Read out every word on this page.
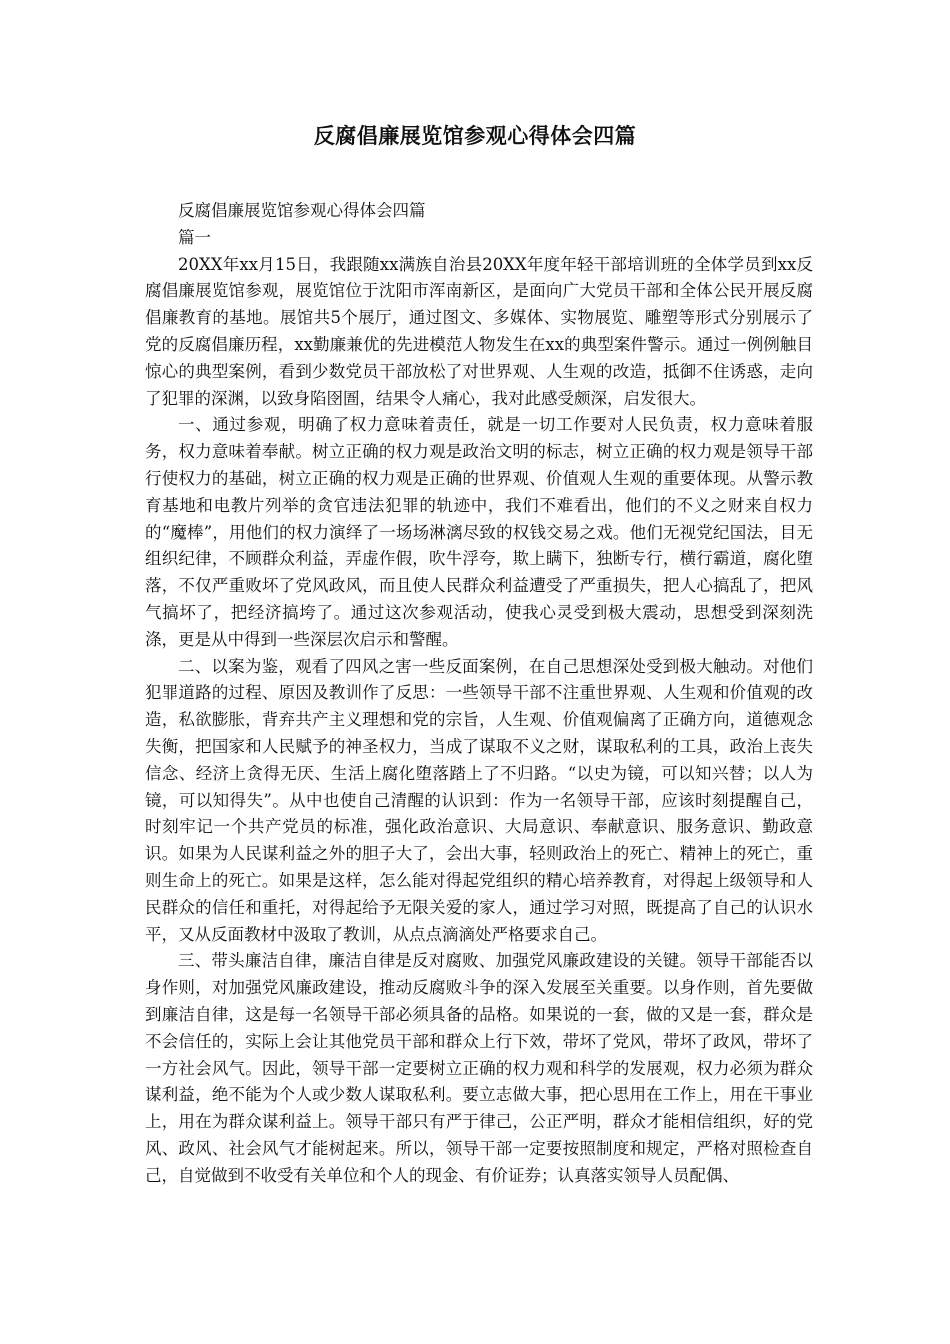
反腐倡廉展览馆参观心得体会四篇

反腐倡廉展览馆参观心得体会四篇

篇一

20XX年xx月15日，我跟随xx满族自治县20XX年度年轻干部培训班的全体学员到xx反腐倡廉展览馆参观，展览馆位于沈阳市浑南新区，是面向广大党员干部和全体公民开展反腐倡廉教育的基地。展馆共5个展厅，通过图文、多媒体、实物展览、雕塑等形式分别展示了党的反腐倡廉历程，xx勤廉兼优的先进模范人物发生在xx的典型案件警示。通过一例例触目惊心的典型案例，看到少数党员干部放松了对世界观、人生观的改造，抵御不住诱惑，走向了犯罪的深渊，以致身陷囹圄，结果令人痛心，我对此感受颇深，启发很大。

一、通过参观，明确了权力意味着责任，就是一切工作要对人民负责，权力意味着服务，权力意味着奉献。树立正确的权力观是政治文明的标志，树立正确的权力观是领导干部行使权力的基础，树立正确的权力观是正确的世界观、价值观人生观的重要体现。从警示教育基地和电教片列举的贪官违法犯罪的轨迹中，我们不难看出，他们的不义之财来自权力的“魔棒”，用他们的权力演绎了一场场淋漓尽致的权钱交易之戏。他们无视党纪国法，目无组织纪律，不顾群众利益，弄虚作假，吹牛浮夸，欺上瞒下，独断专行，横行霸道，腐化堕落，不仅严重败坏了党风政风，而且使人民群众利益遭受了严重损失，把人心搞乱了，把风气搞坏了，把经济搞垮了。通过这次参观活动，使我心灵受到极大震动，思想受到深刻洗涤，更是从中得到一些深层次启示和警醒。

二、以案为鉴，观看了四风之害一些反面案例，在自己思想深处受到极大触动。对他们犯罪道路的过程、原因及教训作了反思：一些领导干部不注重世界观、人生观和价值观的改造，私欲膨胀，背弃共产主义理想和党的宗旨，人生观、价值观偏离了正确方向，道德观念失衡，把国家和人民赋予的神圣权力，当成了谋取不义之财，谋取私利的工具，政治上丧失信念、经济上贪得无厌、生活上腐化堕落踏上了不归路。“以史为镜，可以知兴替；以人为镜，可以知得失”。从中也使自己清醒的认识到：作为一名领导干部，应该时刻提醒自己，时刻牢记一个共产党员的标准，强化政治意识、大局意识、奉献意识、服务意识、勤政意识。如果为人民谋利益之外的胆子大了，会出大事，轻则政治上的死亡、精神上的死亡，重则生命上的死亡。如果是这样，怎么能对得起党组织的精心培养教育，对得起上级领导和人民群众的信任和重托，对得起给予无限关爱的家人，通过学习对照，既提高了自己的认识水平，又从反面教材中汲取了教训，从点点滴滴处严格要求自己。

三、带头廉洁自律，廉洁自律是反对腐败、加强党风廉政建设的关键。领导干部能否以身作则，对加强党风廉政建设，推动反腐败斗争的深入发展至关重要。以身作则，首先要做到廉洁自律，这是每一名领导干部必须具备的品格。如果说的一套，做的又是一套，群众是不会信任的，实际上会让其他党员干部和群众上行下效，带坏了党风，带坏了政风，带坏了一方社会风气。因此，领导干部一定要树立正确的权力观和科学的发展观，权力必须为群众谋利益，绝不能为个人或少数人谋取私利。要立志做大事，把心思用在工作上，用在干事业上，用在为群众谋利益上。领导干部只有严于律己，公正严明，群众才能相信组织，好的党风、政风、社会风气才能树起来。所以，领导干部一定要按照制度和规定，严格对照检查自己，自觉做到不收受有关单位和个人的现金、有价证券；认真落实领导人员配偶、
